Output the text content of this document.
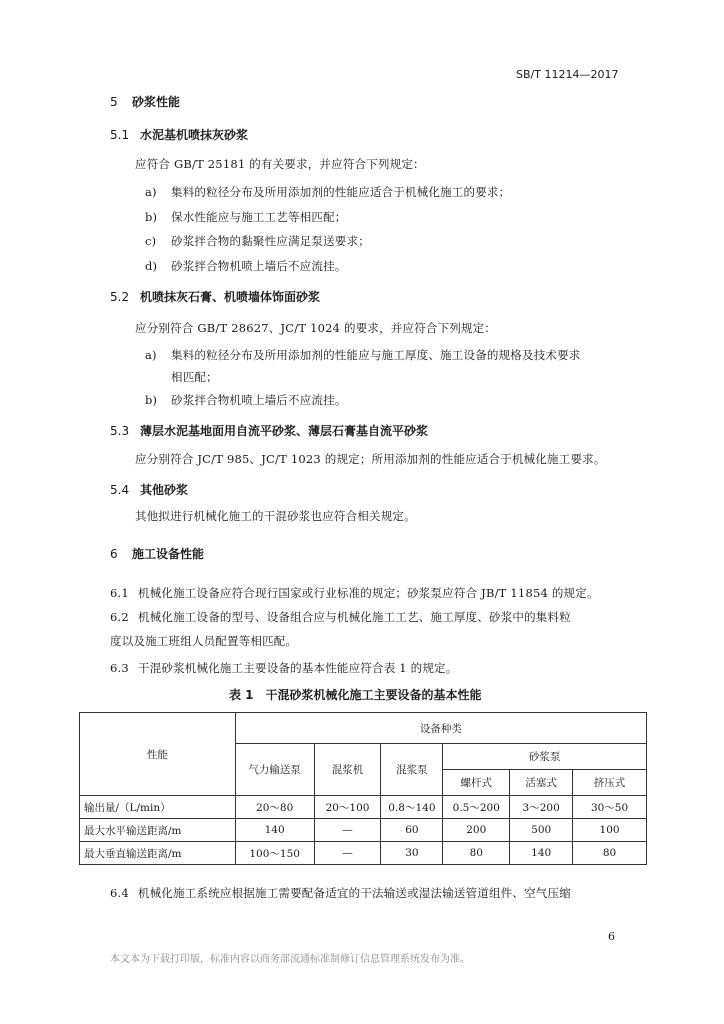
SB/T 11214—2017
5 砂浆性能
5.1 水泥基机喷抹灰砂浆
应符合 GB/T 25181 的有关要求，并应符合下列规定：
a) 集料的粒径分布及所用添加剂的性能应适合于机械化施工的要求；
b) 保水性能应与施工工艺等相匹配；
c) 砂浆拌合物的黏聚性应满足泵送要求；
d) 砂浆拌合物机喷上墙后不应流挂。
5.2 机喷抹灰石膏、机喷墙体饰面砂浆
应分别符合 GB/T 28627、JC/T 1024 的要求，并应符合下列规定：
a) 集料的粒径分布及所用添加剂的性能应与施工厚度、施工设备的规格及技术要求
相匹配；
b) 砂浆拌合物机喷上墙后不应流挂。
5.3 薄层水泥基地面用自流平砂浆、薄层石膏基自流平砂浆
应分别符合 JC/T 985、JC/T 1023 的规定；所用添加剂的性能应适合于机械化施工要求。
5.4 其他砂浆
其他拟进行机械化施工的干混砂浆也应符合相关规定。
6 施工设备性能
6.1 机械化施工设备应符合现行国家或行业标准的规定；砂浆泵应符合 JB/T 11854 的规定。
6.2 机械化施工设备的型号、设备组合应与机械化施工工艺、施工厚度、砂浆中的集料粒
度以及施工班组人员配置等相匹配。
6.3 干混砂浆机械化施工主要设备的基本性能应符合表 1 的规定。
表 1　干混砂浆机械化施工主要设备的基本性能
性能	设备种类					
	气力输送泵	混浆机	混浆泵	砂浆泵		
				螺杆式	活塞式	挤压式
输出量/（L/min）	20～80	20～100	0.8～140	0.5～200	3～200	30～50
最大水平输送距离/m	140	—	60	200	500	100
最大垂直输送距离/m	100～150	—	30	80	140	80
6.4 机械化施工系统应根据施工需要配备适宜的干法输送或湿法输送管道组件、空气压缩
6
本文本为下载打印版，标准内容以商务部流通标准制修订信息管理系统发布为准。
